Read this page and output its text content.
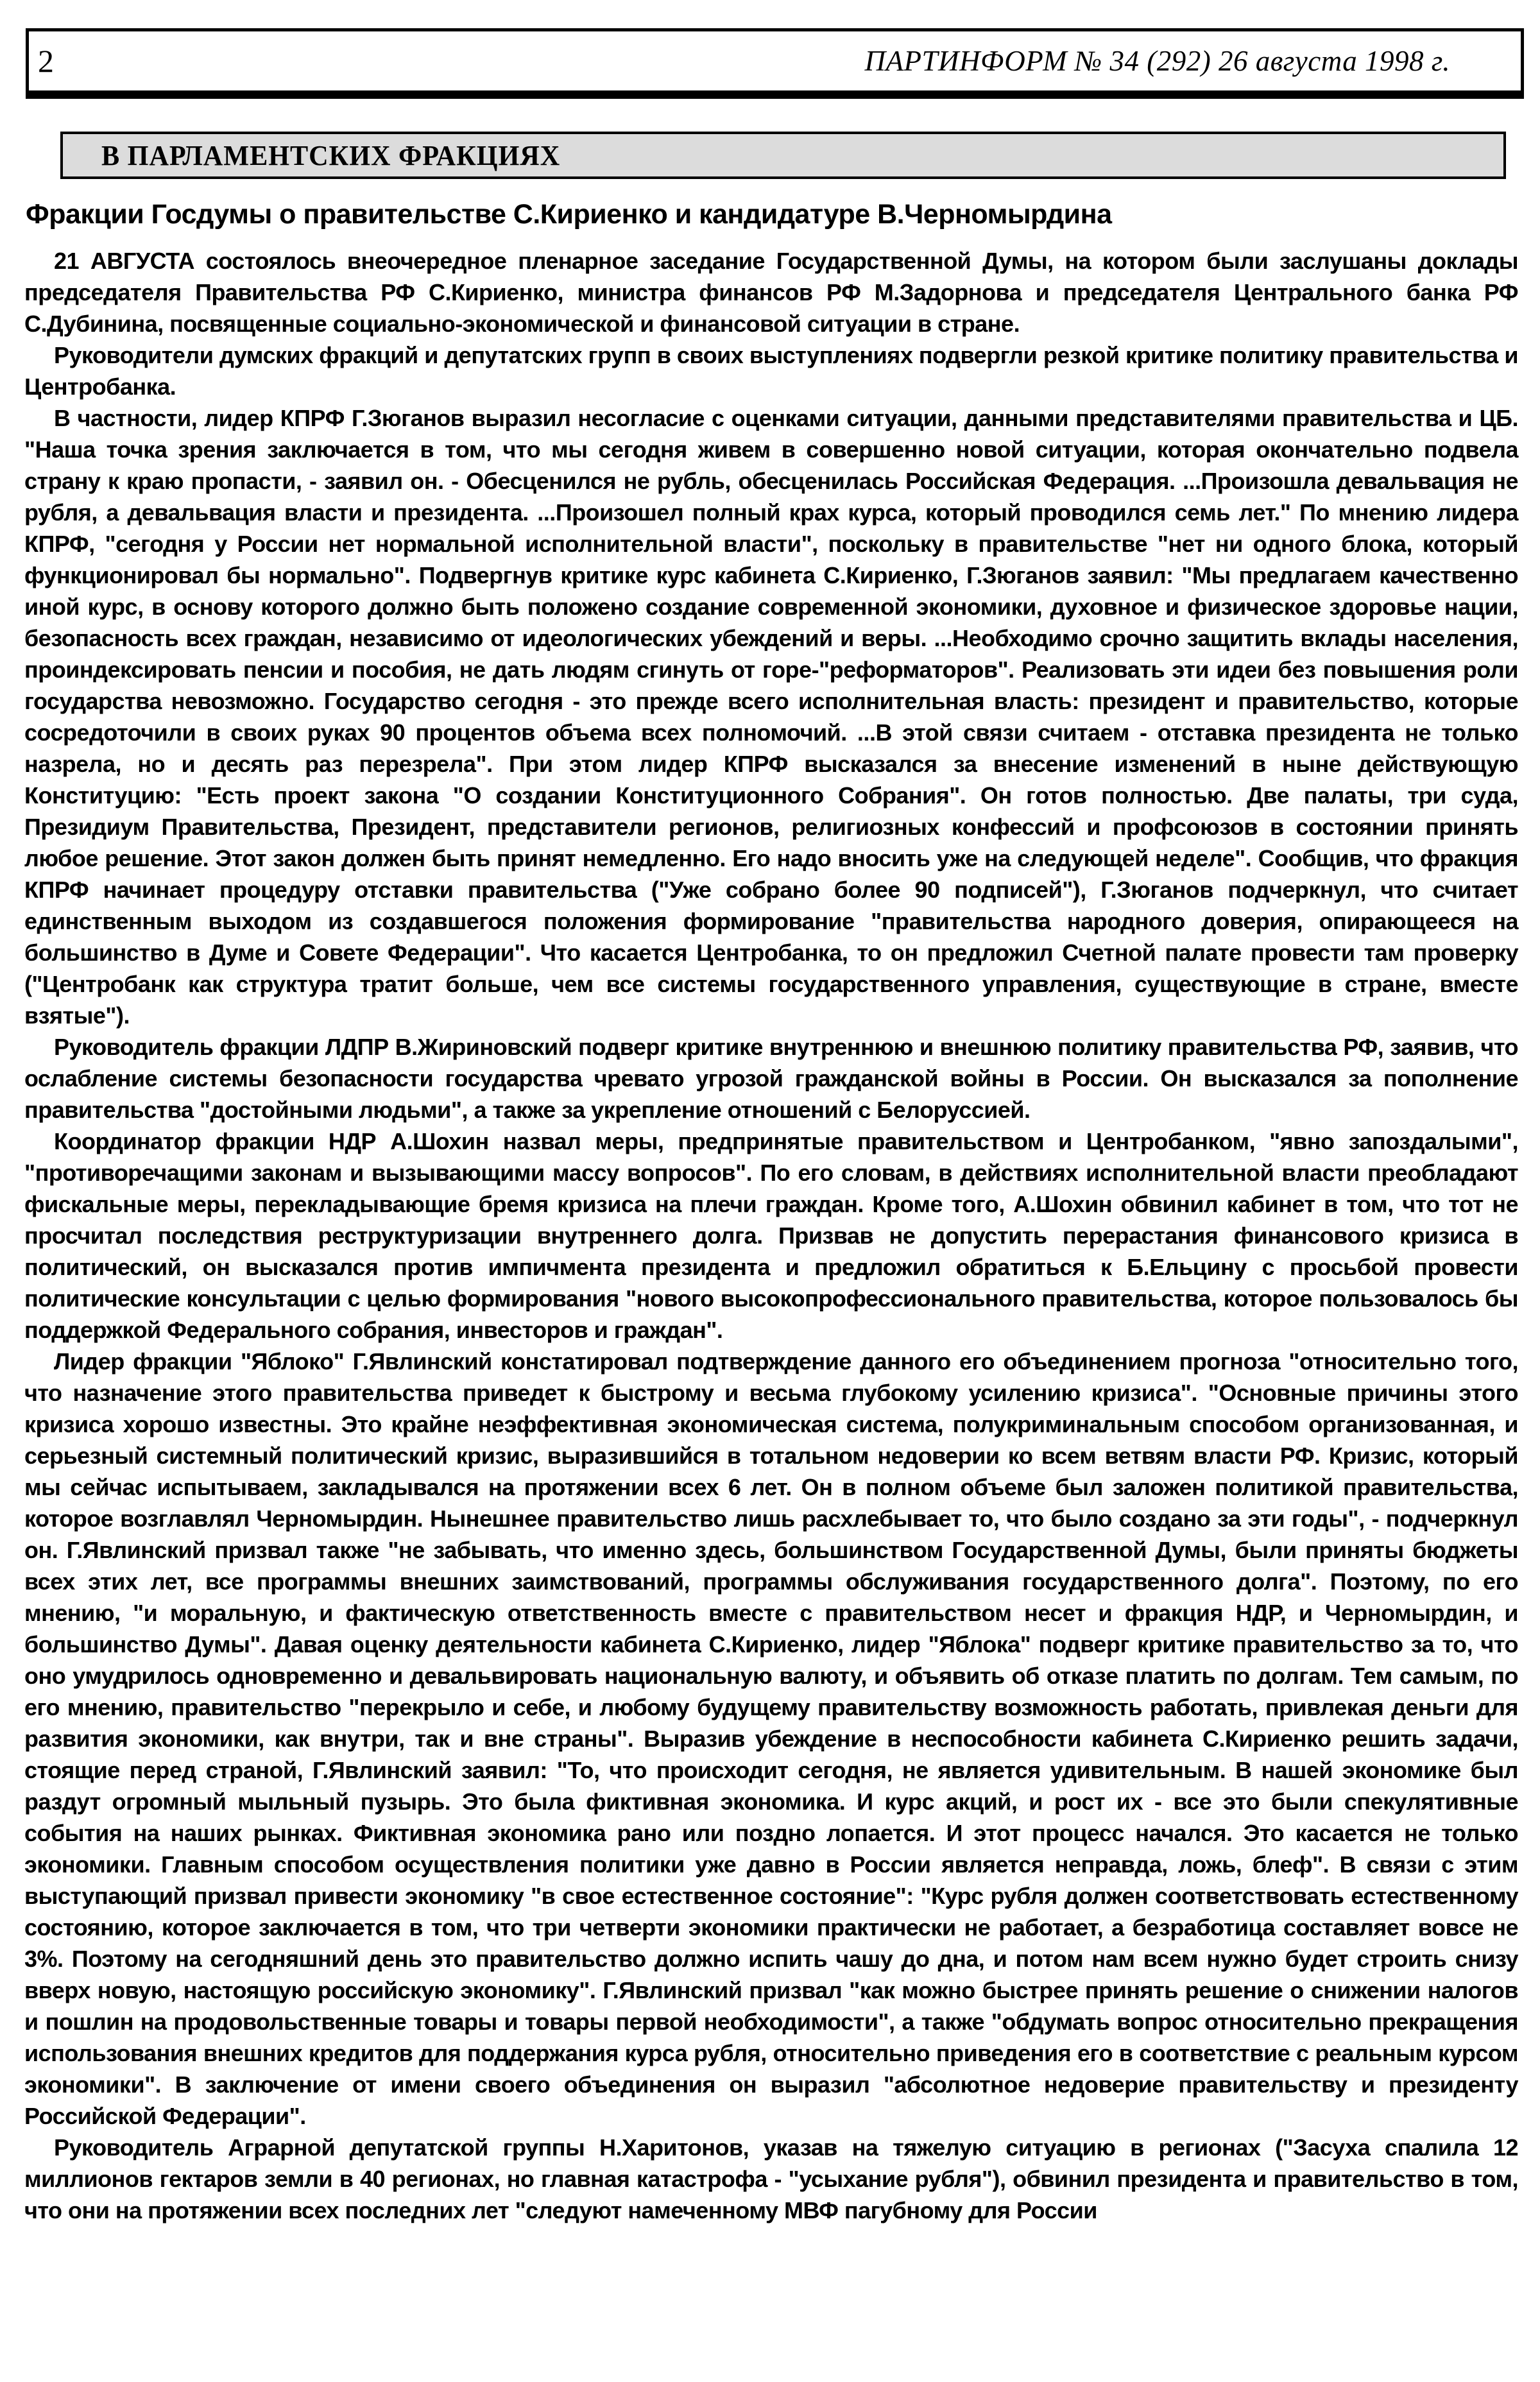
2	ПАРТИНФОРМ № 34 (292) 26 августа 1998 г.
В ПАРЛАМЕНТСКИХ ФРАКЦИЯХ
Фракции Госдумы о правительстве С.Кириенко и кандидатуре В.Черномырдина

21 АВГУСТА состоялось внеочередное пленарное заседание Государственной Думы, на котором были заслушаны доклады председателя Правительства РФ С.Кириенко, министра финансов РФ М.Задорнова и председателя Центрального банка РФ С.Дубинина, посвященные социально-экономической и финансовой ситуации в стране.

Руководители думских фракций и депутатских групп в своих выступлениях подвергли резкой критике политику правительства и Центробанка.

В частности, лидер КПРФ Г.Зюганов выразил несогласие с оценками ситуации, данными представителями правительства и ЦБ. "Наша точка зрения заключается в том, что мы сегодня живем в совершенно новой ситуации, которая окончательно подвела страну к краю пропасти, - заявил он. - Обесценился не рубль, обесценилась Российская Федерация. ...Произошла девальвация не рубля, а девальвация власти и президента. ...Произошел полный крах курса, который проводился семь лет." По мнению лидера КПРФ, "сегодня у России нет нормальной исполнительной власти", поскольку в правительстве "нет ни одного блока, который функционировал бы нормально". Подвергнув критике курс кабинета С.Кириенко, Г.Зюганов заявил: "Мы предлагаем качественно иной курс, в основу которого должно быть положено создание современной экономики, духовное и физическое здоровье нации, безопасность всех граждан, независимо от идеологических убеждений и веры. ...Необходимо срочно защитить вклады населения, проиндексировать пенсии и пособия, не дать людям сгинуть от горе-"реформаторов". Реализовать эти идеи без повышения роли государства невозможно. Государство сегодня - это прежде всего исполнительная власть: президент и правительство, которые сосредоточили в своих руках 90 процентов объема всех полномочий. ...В этой связи считаем - отставка президента не только назрела, но и десять раз перезрела". При этом лидер КПРФ высказался за внесение изменений в ныне действующую Конституцию: "Есть проект закона "О создании Конституционного Собрания". Он готов полностью. Две палаты, три суда, Президиум Правительства, Президент, представители регионов, религиозных конфессий и профсоюзов в состоянии принять любое решение. Этот закон должен быть принят немедленно. Его надо вносить уже на следующей неделе". Сообщив, что фракция КПРФ начинает процедуру отставки правительства ("Уже собрано более 90 подписей"), Г.Зюганов подчеркнул, что считает единственным выходом из создавшегося положения формирование "правительства народного доверия, опирающееся на большинство в Думе и Совете Федерации". Что касается Центробанка, то он предложил Счетной палате провести там проверку ("Центробанк как структура тратит больше, чем все системы государственного управления, существующие в стране, вместе взятые").

Руководитель фракции ЛДПР В.Жириновский подверг критике внутреннюю и внешнюю политику правительства РФ, заявив, что ослабление системы безопасности государства чревато угрозой гражданской войны в России. Он высказался за пополнение правительства "достойными людьми", а также за укрепление отношений с Белоруссией.

Координатор фракции НДР А.Шохин назвал меры, предпринятые правительством и Центробанком, "явно запоздалыми", "противоречащими законам и вызывающими массу вопросов". По его словам, в действиях исполнительной власти преобладают фискальные меры, перекладывающие бремя кризиса на плечи граждан. Кроме того, А.Шохин обвинил кабинет в том, что тот не просчитал последствия реструктуризации внутреннего долга. Призвав не допустить перерастания финансового кризиса в политический, он высказался против импичмента президента и предложил обратиться к Б.Ельцину с просьбой провести политические консультации с целью формирования "нового высокопрофессионального правительства, которое пользовалось бы поддержкой Федерального собрания, инвесторов и граждан".

Лидер фракции "Яблоко" Г.Явлинский констатировал подтверждение данного его объединением прогноза "относительно того, что назначение этого правительства приведет к быстрому и весьма глубокому усилению кризиса". "Основные причины этого кризиса хорошо известны. Это крайне неэффективная экономическая система, полукриминальным способом организованная, и серьезный системный политический кризис, выразившийся в тотальном недоверии ко всем ветвям власти РФ. Кризис, который мы сейчас испытываем, закладывался на протяжении всех 6 лет. Он в полном объеме был заложен политикой правительства, которое возглавлял Черномырдин. Нынешнее правительство лишь расхлебывает то, что было создано за эти годы", - подчеркнул он. Г.Явлинский призвал также "не забывать, что именно здесь, большинством Государственной Думы, были приняты бюджеты всех этих лет, все программы внешних заимствований, программы обслуживания государственного долга". Поэтому, по его мнению, "и моральную, и фактическую ответственность вместе с правительством несет и фракция НДР, и Черномырдин, и большинство Думы". Давая оценку деятельности кабинета С.Кириенко, лидер "Яблока" подверг критике правительство за то, что оно умудрилось одновременно и девальвировать национальную валюту, и объявить об отказе платить по долгам. Тем самым, по его мнению, правительство "перекрыло и себе, и любому будущему правительству возможность работать, привлекая деньги для развития экономики, как внутри, так и вне страны". Выразив убеждение в неспособности кабинета С.Кириенко решить задачи, стоящие перед страной, Г.Явлинский заявил: "То, что происходит сегодня, не является удивительным. В нашей экономике был раздут огромный мыльный пузырь. Это была фиктивная экономика. И курс акций, и рост их - все это были спекулятивные события на наших рынках. Фиктивная экономика рано или поздно лопается. И этот процесс начался. Это касается не только экономики. Главным способом осуществления политики уже давно в России является неправда, ложь, блеф". В связи с этим выступающий призвал привести экономику "в свое естественное состояние": "Курс рубля должен соответствовать естественному состоянию, которое заключается в том, что три четверти экономики практически не работает, а безработица составляет вовсе не 3%. Поэтому на сегодняшний день это правительство должно испить чашу до дна, и потом нам всем нужно будет строить снизу вверх новую, настоящую российскую экономику". Г.Явлинский призвал "как можно быстрее принять решение о снижении налогов и пошлин на продовольственные товары и товары первой необходимости", а также "обдумать вопрос относительно прекращения использования внешних кредитов для поддержания курса рубля, относительно приведения его в соответствие с реальным курсом экономики". В заключение от имени своего объединения он выразил "абсолютное недоверие правительству и президенту Российской Федерации".

Руководитель Аграрной депутатской группы Н.Харитонов, указав на тяжелую ситуацию в регионах ("Засуха спалила 12 миллионов гектаров земли в 40 регионах, но главная катастрофа - "усыхание рубля"), обвинил президента и правительство в том, что они на протяжении всех последних лет "следуют намеченному МВФ пагубному для России
